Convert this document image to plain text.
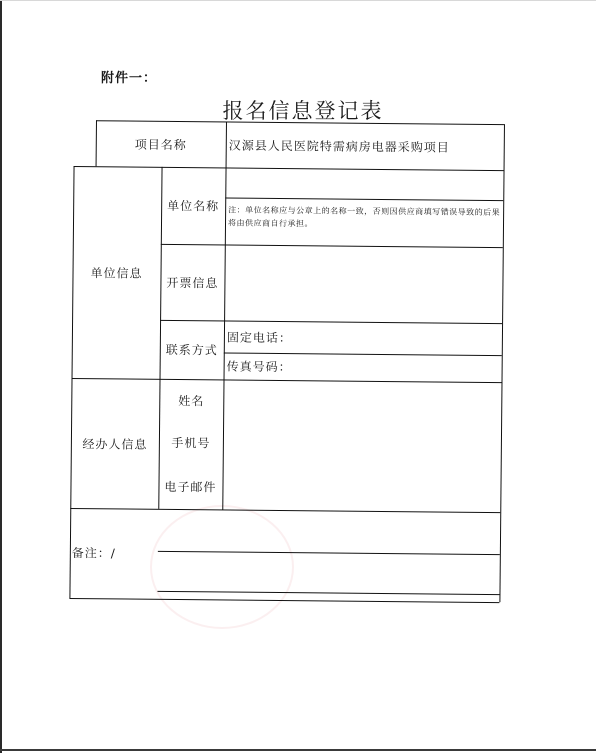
附件一：
报名信息登记表
项目名称	汉源县人民医院特需病房电器采购项目
单位信息
单位名称	注：单位名称应与公章上的名称一致，否则因供应商填写错误导致的后果将由供应商自行承担。
开票信息
联系方式
固定电话：
传真号码：
经办人信息
姓名
手机号
电子邮件
备注：/
